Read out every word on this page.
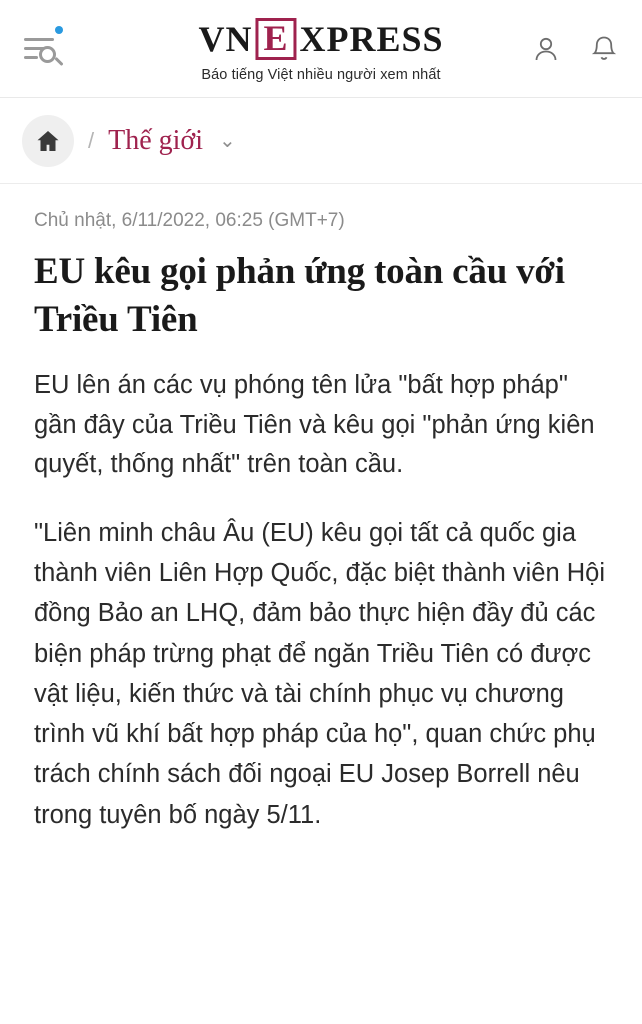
VN E XPRESS
Báo tiếng Việt nhiều người xem nhất
/ Thế giới ⌄
Chủ nhật, 6/11/2022, 06:25 (GMT+7)
EU kêu gọi phản ứng toàn cầu với Triều Tiên

EU lên án các vụ phóng tên lửa "bất hợp pháp" gần đây của Triều Tiên và kêu gọi "phản ứng kiên quyết, thống nhất" trên toàn cầu.

"Liên minh châu Âu (EU) kêu gọi tất cả quốc gia thành viên Liên Hợp Quốc, đặc biệt thành viên Hội đồng Bảo an LHQ, đảm bảo thực hiện đầy đủ các biện pháp trừng phạt để ngăn Triều Tiên có được vật liệu, kiến thức và tài chính phục vụ chương trình vũ khí bất hợp pháp của họ", quan chức phụ trách chính sách đối ngoại EU Josep Borrell nêu trong tuyên bố ngày 5/11.
